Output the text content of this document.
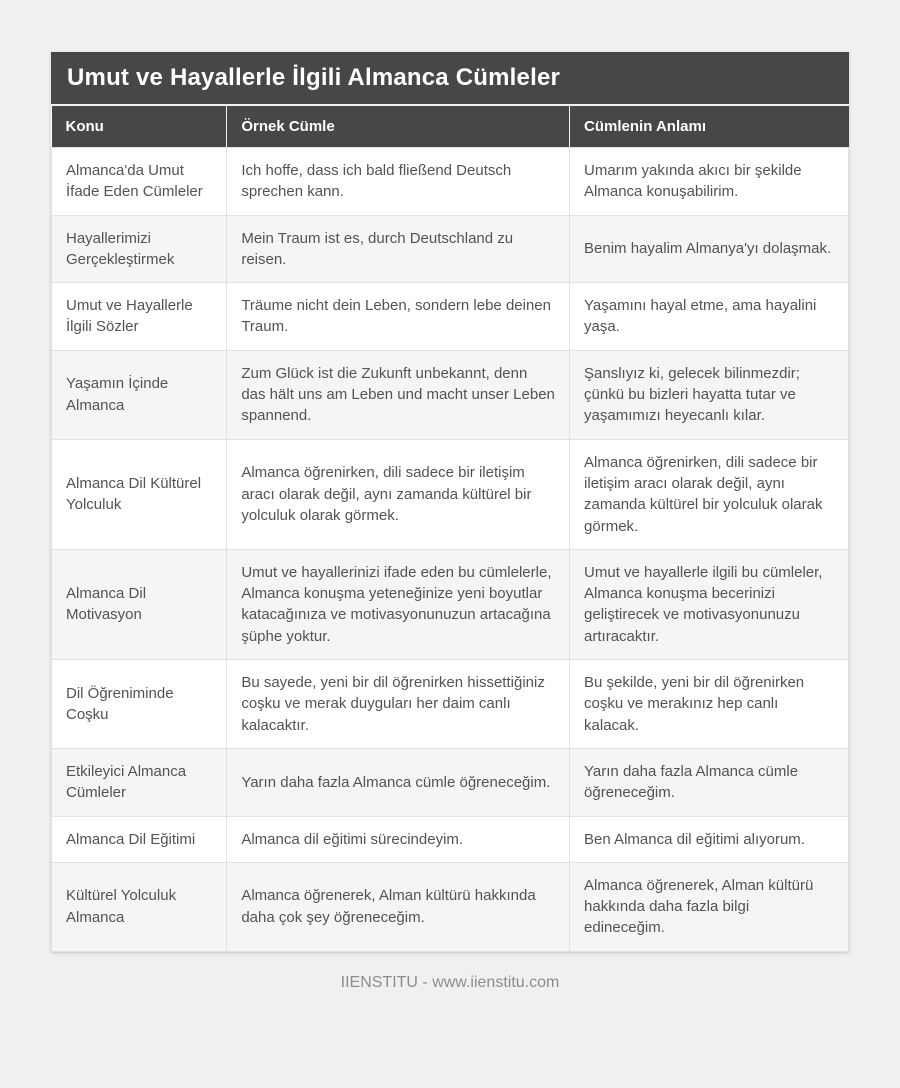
Umut ve Hayallerle İlgili Almanca Cümleler
Konu	Örnek Cümle	Cümlenin Anlamı
Almanca'da Umut İfade Eden Cümleler	Ich hoffe, dass ich bald fließend Deutsch sprechen kann.	Umarım yakında akıcı bir şekilde Almanca konuşabilirim.
Hayallerimizi Gerçekleştirmek	Mein Traum ist es, durch Deutschland zu reisen.	Benim hayalim Almanya'yı dolaşmak.
Umut ve Hayallerle İlgili Sözler	Träume nicht dein Leben, sondern lebe deinen Traum.	Yaşamını hayal etme, ama hayalini yaşa.
Yaşamın İçinde Almanca	Zum Glück ist die Zukunft unbekannt, denn das hält uns am Leben und macht unser Leben spannend.	Şanslıyız ki, gelecek bilinmezdir; çünkü bu bizleri hayatta tutar ve yaşamımızı heyecanlı kılar.
Almanca Dil Kültürel Yolculuk	Almanca öğrenirken, dili sadece bir iletişim aracı olarak değil, aynı zamanda kültürel bir yolculuk olarak görmek.	Almanca öğrenirken, dili sadece bir iletişim aracı olarak değil, aynı zamanda kültürel bir yolculuk olarak görmek.
Almanca Dil Motivasyon	Umut ve hayallerinizi ifade eden bu cümlelerle, Almanca konuşma yeteneğinize yeni boyutlar katacağınıza ve motivasyonunuzun artacağına şüphe yoktur.	Umut ve hayallerle ilgili bu cümleler, Almanca konuşma becerinizi geliştirecek ve motivasyonunuzu artıracaktır.
Dil Öğreniminde Coşku	Bu sayede, yeni bir dil öğrenirken hissettiğiniz coşku ve merak duyguları her daim canlı kalacaktır.	Bu şekilde, yeni bir dil öğrenirken coşku ve merakınız hep canlı kalacak.
Etkileyici Almanca Cümleler	Yarın daha fazla Almanca cümle öğreneceğim.	Yarın daha fazla Almanca cümle öğreneceğim.
Almanca Dil Eğitimi	Almanca dil eğitimi sürecindeyim.	Ben Almanca dil eğitimi alıyorum.
Kültürel Yolculuk Almanca	Almanca öğrenerek, Alman kültürü hakkında daha çok şey öğreneceğim.	Almanca öğrenerek, Alman kültürü hakkında daha fazla bilgi edineceğim.
IIENSTITU - www.iienstitu.com
